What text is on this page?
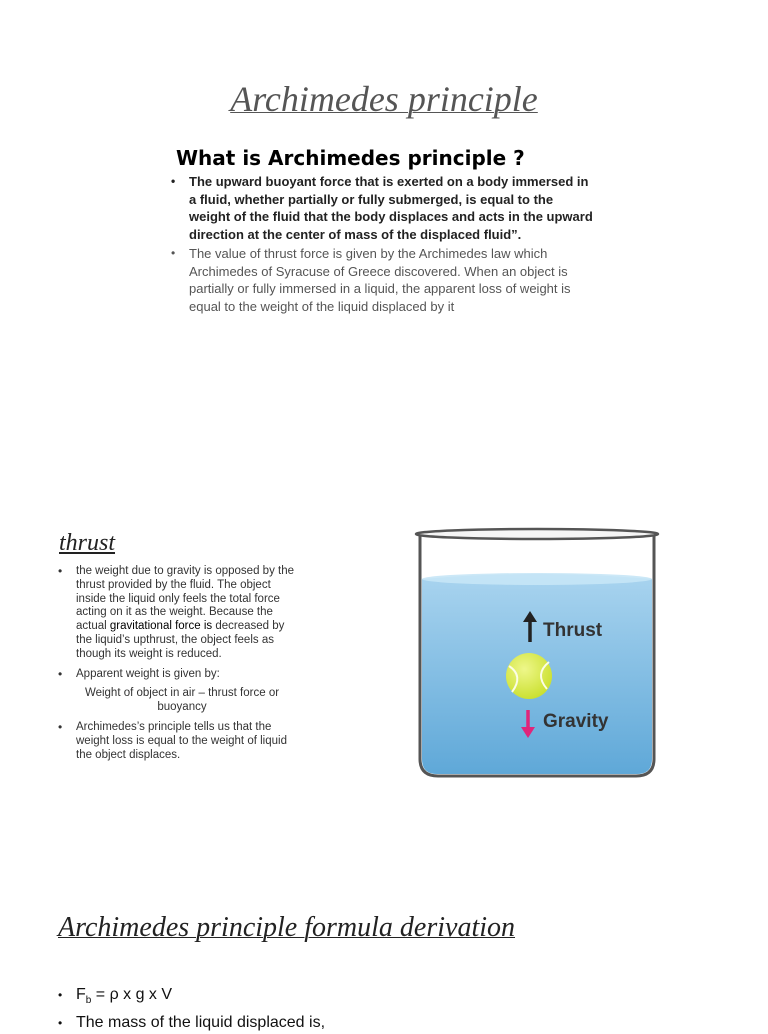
Archimedes principle
What is Archimedes principle ?
• The upward buoyant force that is exerted on a body immersed in a fluid, whether partially or fully submerged, is equal to the weight of the fluid that the body displaces and acts in the upward direction at the center of mass of the displaced fluid”.
• The value of thrust force is given by the Archimedes law which Archimedes of Syracuse of Greece discovered. When an object is partially or fully immersed in a liquid, the apparent loss of weight is equal to the weight of the liquid displaced by it
thrust
• the weight due to gravity is opposed by the thrust provided by the fluid. The object inside the liquid only feels the total force acting on it as the weight. Because the actual gravitational force is decreased by the liquid’s upthrust, the object feels as though its weight is reduced.
• Apparent weight is given by:
Weight of object in air – thrust force or buoyancy
• Archimedes’s principle tells us that the weight loss is equal to the weight of liquid the object displaces.
Thrust
Gravity
Archimedes principle formula derivation
• $F_b = \rho$ x g x V
• The mass of the liquid displaced is,
